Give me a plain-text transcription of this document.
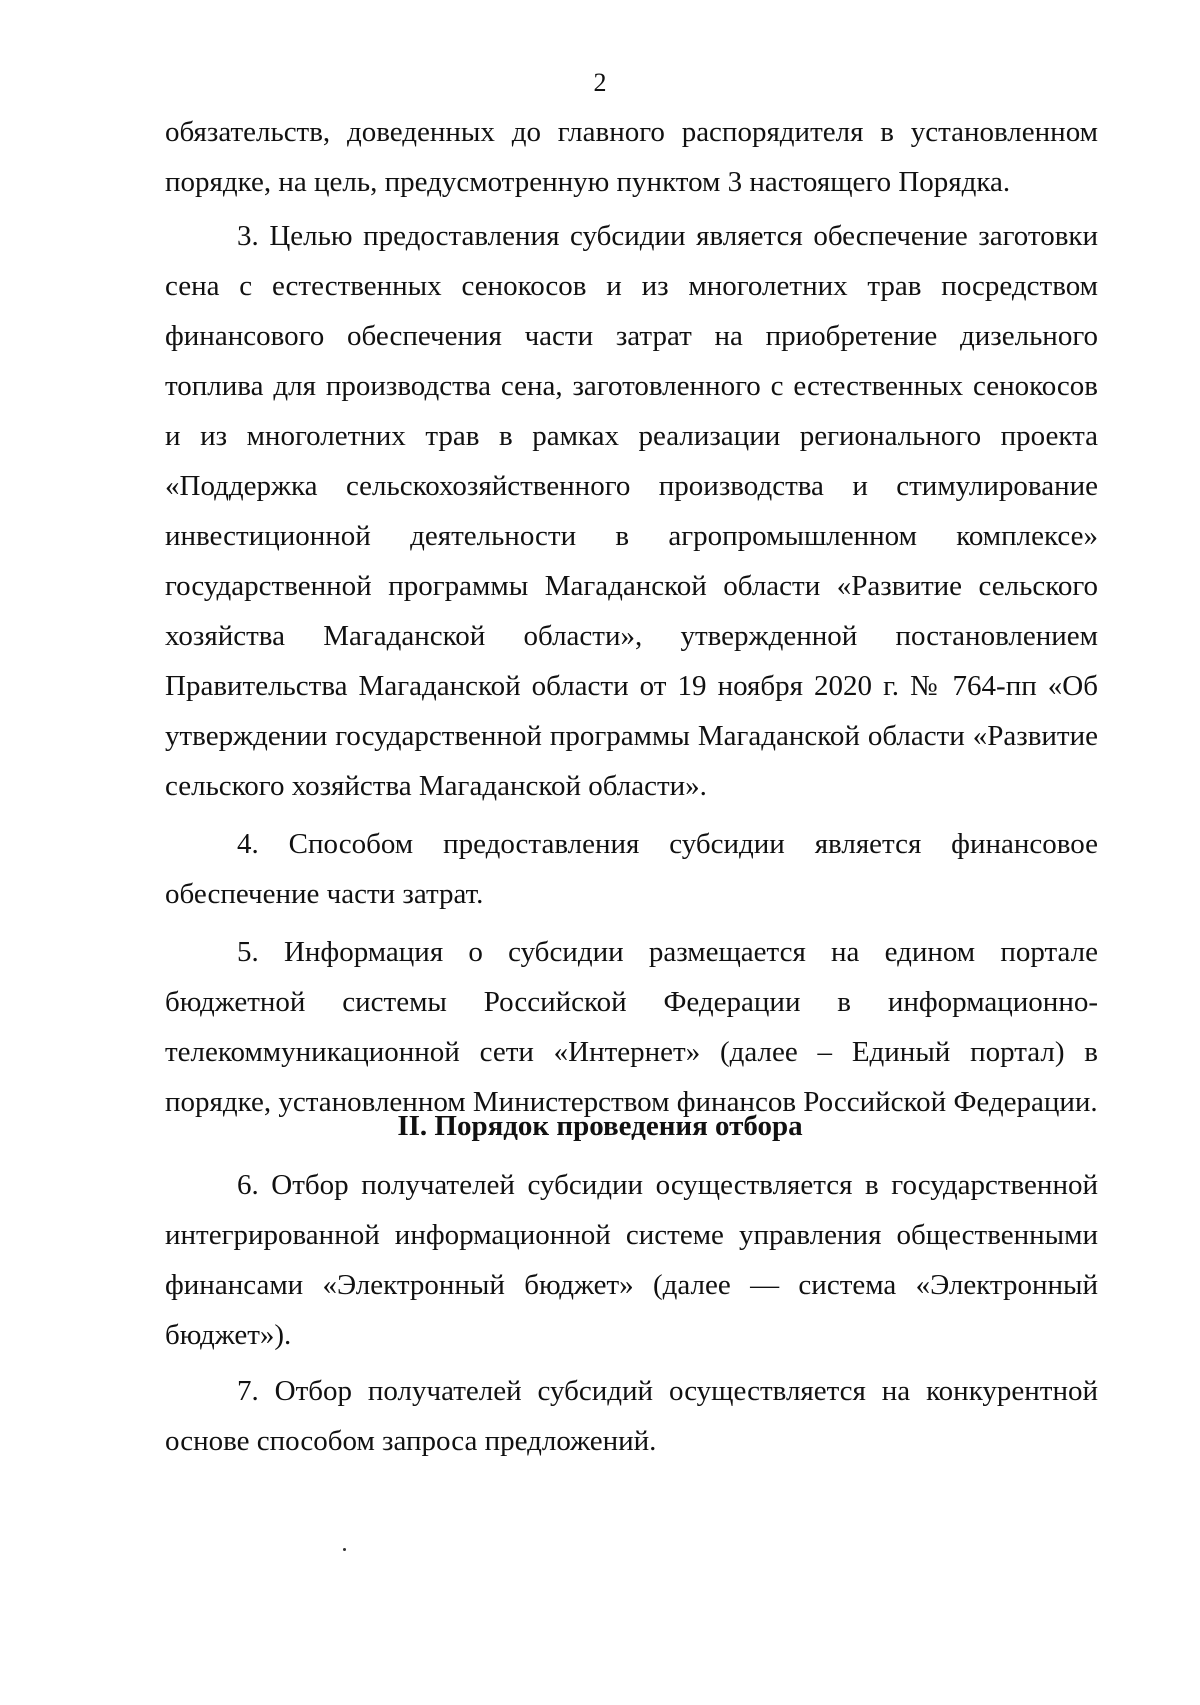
2

обязательств, доведенных до главного распорядителя в установленном порядке, на цель, предусмотренную пунктом 3 настоящего Порядка.

3. Целью предоставления субсидии является обеспечение заготовки сена с естественных сенокосов и из многолетних трав посредством финансового обеспечения части затрат на приобретение дизельного топлива для производства сена, заготовленного с естественных сенокосов и из многолетних трав в рамках реализации регионального проекта «Поддержка сельскохозяйственного производства и стимулирование инвестиционной деятельности в агропромышленном комплексе» государственной программы Магаданской области «Развитие сельского хозяйства Магаданской области», утвержденной постановлением Правительства Магаданской области от 19 ноября 2020 г. № 764-пп «Об утверждении государственной программы Магаданской области «Развитие сельского хозяйства Магаданской области».

4. Способом предоставления субсидии является финансовое обеспечение части затрат.

5. Информация о субсидии размещается на едином портале бюджетной системы Российской Федерации в информационно-телекоммуникационной сети «Интернет» (далее – Единый портал) в порядке, установленном Министерством финансов Российской Федерации.

II. Порядок проведения отбора

6. Отбор получателей субсидии осуществляется в государственной интегрированной информационной системе управления общественными финансами «Электронный бюджет» (далее — система «Электронный бюджет»).

7. Отбор получателей субсидий осуществляется на конкурентной основе способом запроса предложений.
